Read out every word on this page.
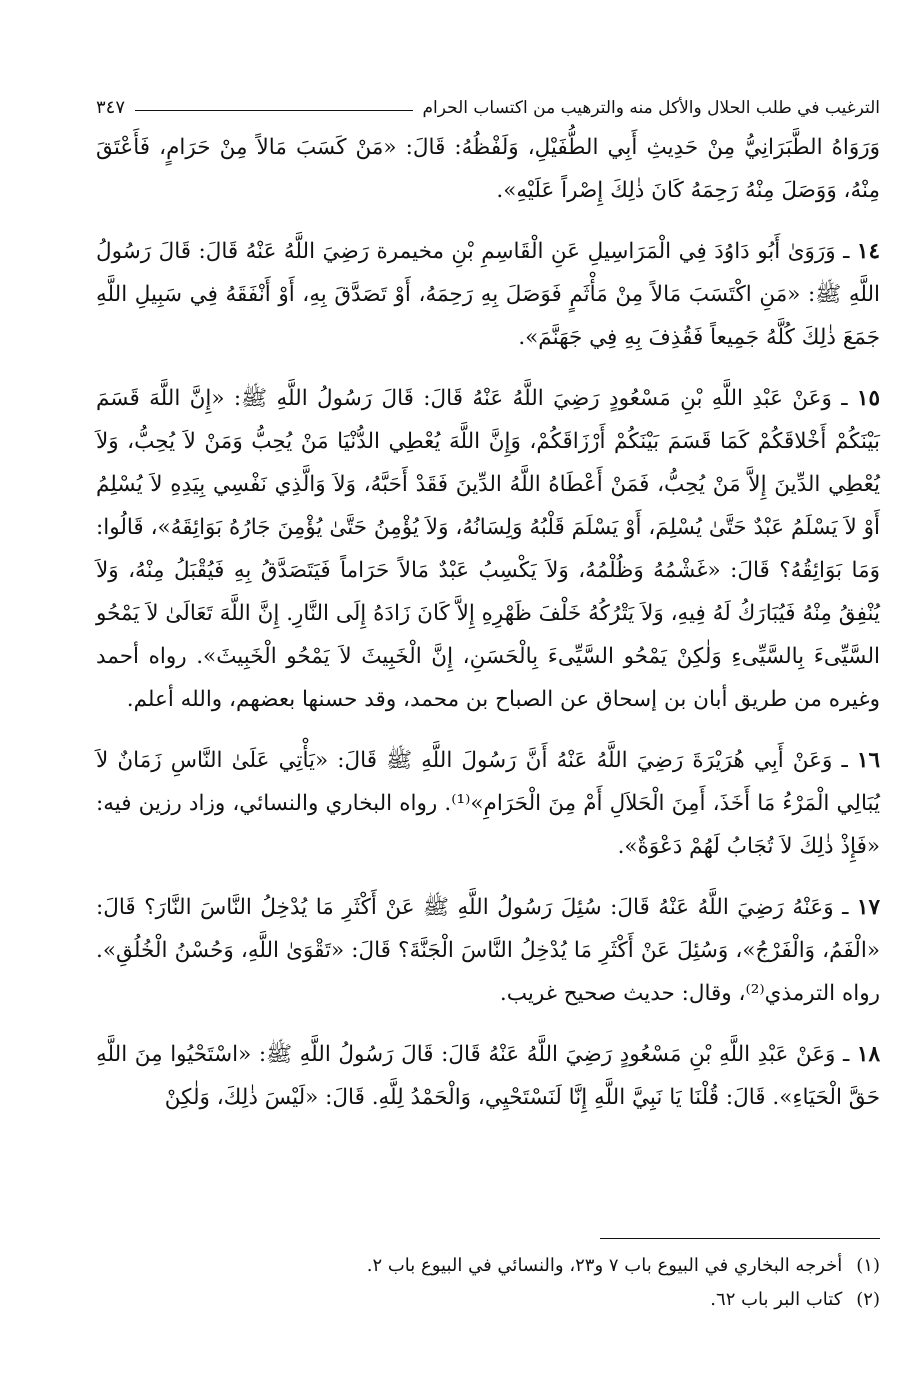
الترغيب في طلب الحلال والأكل منه والترهيب من اكتساب الحرام
٣٤٧

وَرَوَاهُ الطَّبَرَانِيُّ مِنْ حَدِيثِ أَبِي الطُّفَيْلِ، وَلَفْظُهُ: قَالَ: «مَنْ كَسَبَ مَالاً مِنْ حَرَامٍ، فَأَعْتَقَ مِنْهُ، وَوَصَلَ مِنْهُ رَحِمَهُ كَانَ ذٰلِكَ إِصْراً عَلَيْهِ».

١٤ ـ وَرَوَىٰ أَبُو دَاوُدَ فِي الْمَرَاسِيلِ عَنِ الْقَاسِمِ بْنِ مخيمرة رَضِيَ اللَّهُ عَنْهُ قَالَ: قَالَ رَسُولُ اللَّهِ ﷺ: «مَنِ اكْتَسَبَ مَالاً مِنْ مَأْثَمٍ فَوَصَلَ بِهِ رَحِمَهُ، أَوْ تَصَدَّقَ بِهِ، أَوْ أَنْفَقَهُ فِي سَبِيلِ اللَّهِ جَمَعَ ذٰلِكَ كُلَّهُ جَمِيعاً فَقُذِفَ بِهِ فِي جَهَنَّمَ».

١٥ ـ وَعَنْ عَبْدِ اللَّهِ بْنِ مَسْعُودٍ رَضِيَ اللَّهُ عَنْهُ قَالَ: قَالَ رَسُولُ اللَّهِ ﷺ: «إِنَّ اللَّهَ قَسَمَ بَيْنَكُمْ أَخْلاقَكُمْ كَمَا قَسَمَ بَيْنَكُمْ أَرْزَاقَكُمْ، وَإِنَّ اللَّهَ يُعْطِي الدُّنْيَا مَنْ يُحِبُّ وَمَنْ لاَ يُحِبُّ، وَلاَ يُعْطِي الدِّينَ إِلاَّ مَنْ يُحِبُّ، فَمَنْ أَعْطَاهُ اللَّهُ الدِّينَ فَقَدْ أَحَبَّهُ، وَلاَ وَالَّذِي نَفْسِي بِيَدِهِ لاَ يُسْلِمُ أَوْ لاَ يَسْلَمُ عَبْدٌ حَتَّىٰ يُسْلِمَ، أَوْ يَسْلَمَ قَلْبُهُ وَلِسَانُهُ، وَلاَ يُؤْمِنُ حَتَّىٰ يُؤْمِنَ جَارُهُ بَوَائِقَهُ»، قَالُوا: وَمَا بَوَائِقُهُ؟ قَالَ: «غَشْمُهُ وَظُلْمُهُ، وَلاَ يَكْسِبُ عَبْدٌ مَالاً حَرَاماً فَيَتَصَدَّقُ بِهِ فَيُقْبَلُ مِنْهُ، وَلاَ يُنْفِقُ مِنْهُ فَيُبَارَكُ لَهُ فِيهِ، وَلاَ يَتْرُكُهُ خَلْفَ ظَهْرِهِ إِلاَّ كَانَ زَادَهُ إِلَى النَّارِ. إِنَّ اللَّهَ تَعَالَىٰ لاَ يَمْحُو السَّيِّىءَ بِالسَّيِّىءِ وَلٰكِنْ يَمْحُو السَّيِّىءَ بِالْحَسَنِ، إِنَّ الْخَبِيثَ لاَ يَمْحُو الْخَبِيثَ». رواه أحمد وغيره من طريق أبان بن إسحاق عن الصباح بن محمد، وقد حسنها بعضهم، والله أعلم.

١٦ ـ وَعَنْ أَبِي هُرَيْرَةَ رَضِيَ اللَّهُ عَنْهُ أَنَّ رَسُولَ اللَّهِ ﷺ قَالَ: «يَأْتِي عَلَىٰ النَّاسِ زَمَانٌ لاَ يُبَالِي الْمَرْءُ مَا أَخَذَ، أَمِنَ الْحَلاَلِ أَمْ مِنَ الْحَرَامِ»⁽¹⁾. رواه البخاري والنسائي، وزاد رزين فيه: «فَإِذْ ذٰلِكَ لاَ تُجَابُ لَهُمْ دَعْوَةٌ».

١٧ ـ وَعَنْهُ رَضِيَ اللَّهُ عَنْهُ قَالَ: سُئِلَ رَسُولُ اللَّهِ ﷺ عَنْ أَكْثَرِ مَا يُدْخِلُ النَّاسَ النَّارَ؟ قَالَ: «الْفَمُ، وَالْفَرْجُ»، وَسُئِلَ عَنْ أَكْثَرِ مَا يُدْخِلُ النَّاسَ الْجَنَّةَ؟ قَالَ: «تَقْوَىٰ اللَّهِ، وَحُسْنُ الْخُلُقِ». رواه الترمذي⁽²⁾، وقال: حديث صحيح غريب.

١٨ ـ وَعَنْ عَبْدِ اللَّهِ بْنِ مَسْعُودٍ رَضِيَ اللَّهُ عَنْهُ قَالَ: قَالَ رَسُولُ اللَّهِ ﷺ: «اسْتَحْيُوا مِنَ اللَّهِ حَقَّ الْحَيَاءِ». قَالَ: قُلْنَا يَا نَبِيَّ اللَّهِ إِنَّا لَنَسْتَحْيِي، وَالْحَمْدُ لِلَّهِ. قَالَ: «لَيْسَ ذٰلِكَ، وَلٰكِنْ

(١)
أخرجه البخاري في البيوع باب ٧ و٢٣، والنسائي في البيوع باب ٢.
(٢)
كتاب البر باب ٦٢.
